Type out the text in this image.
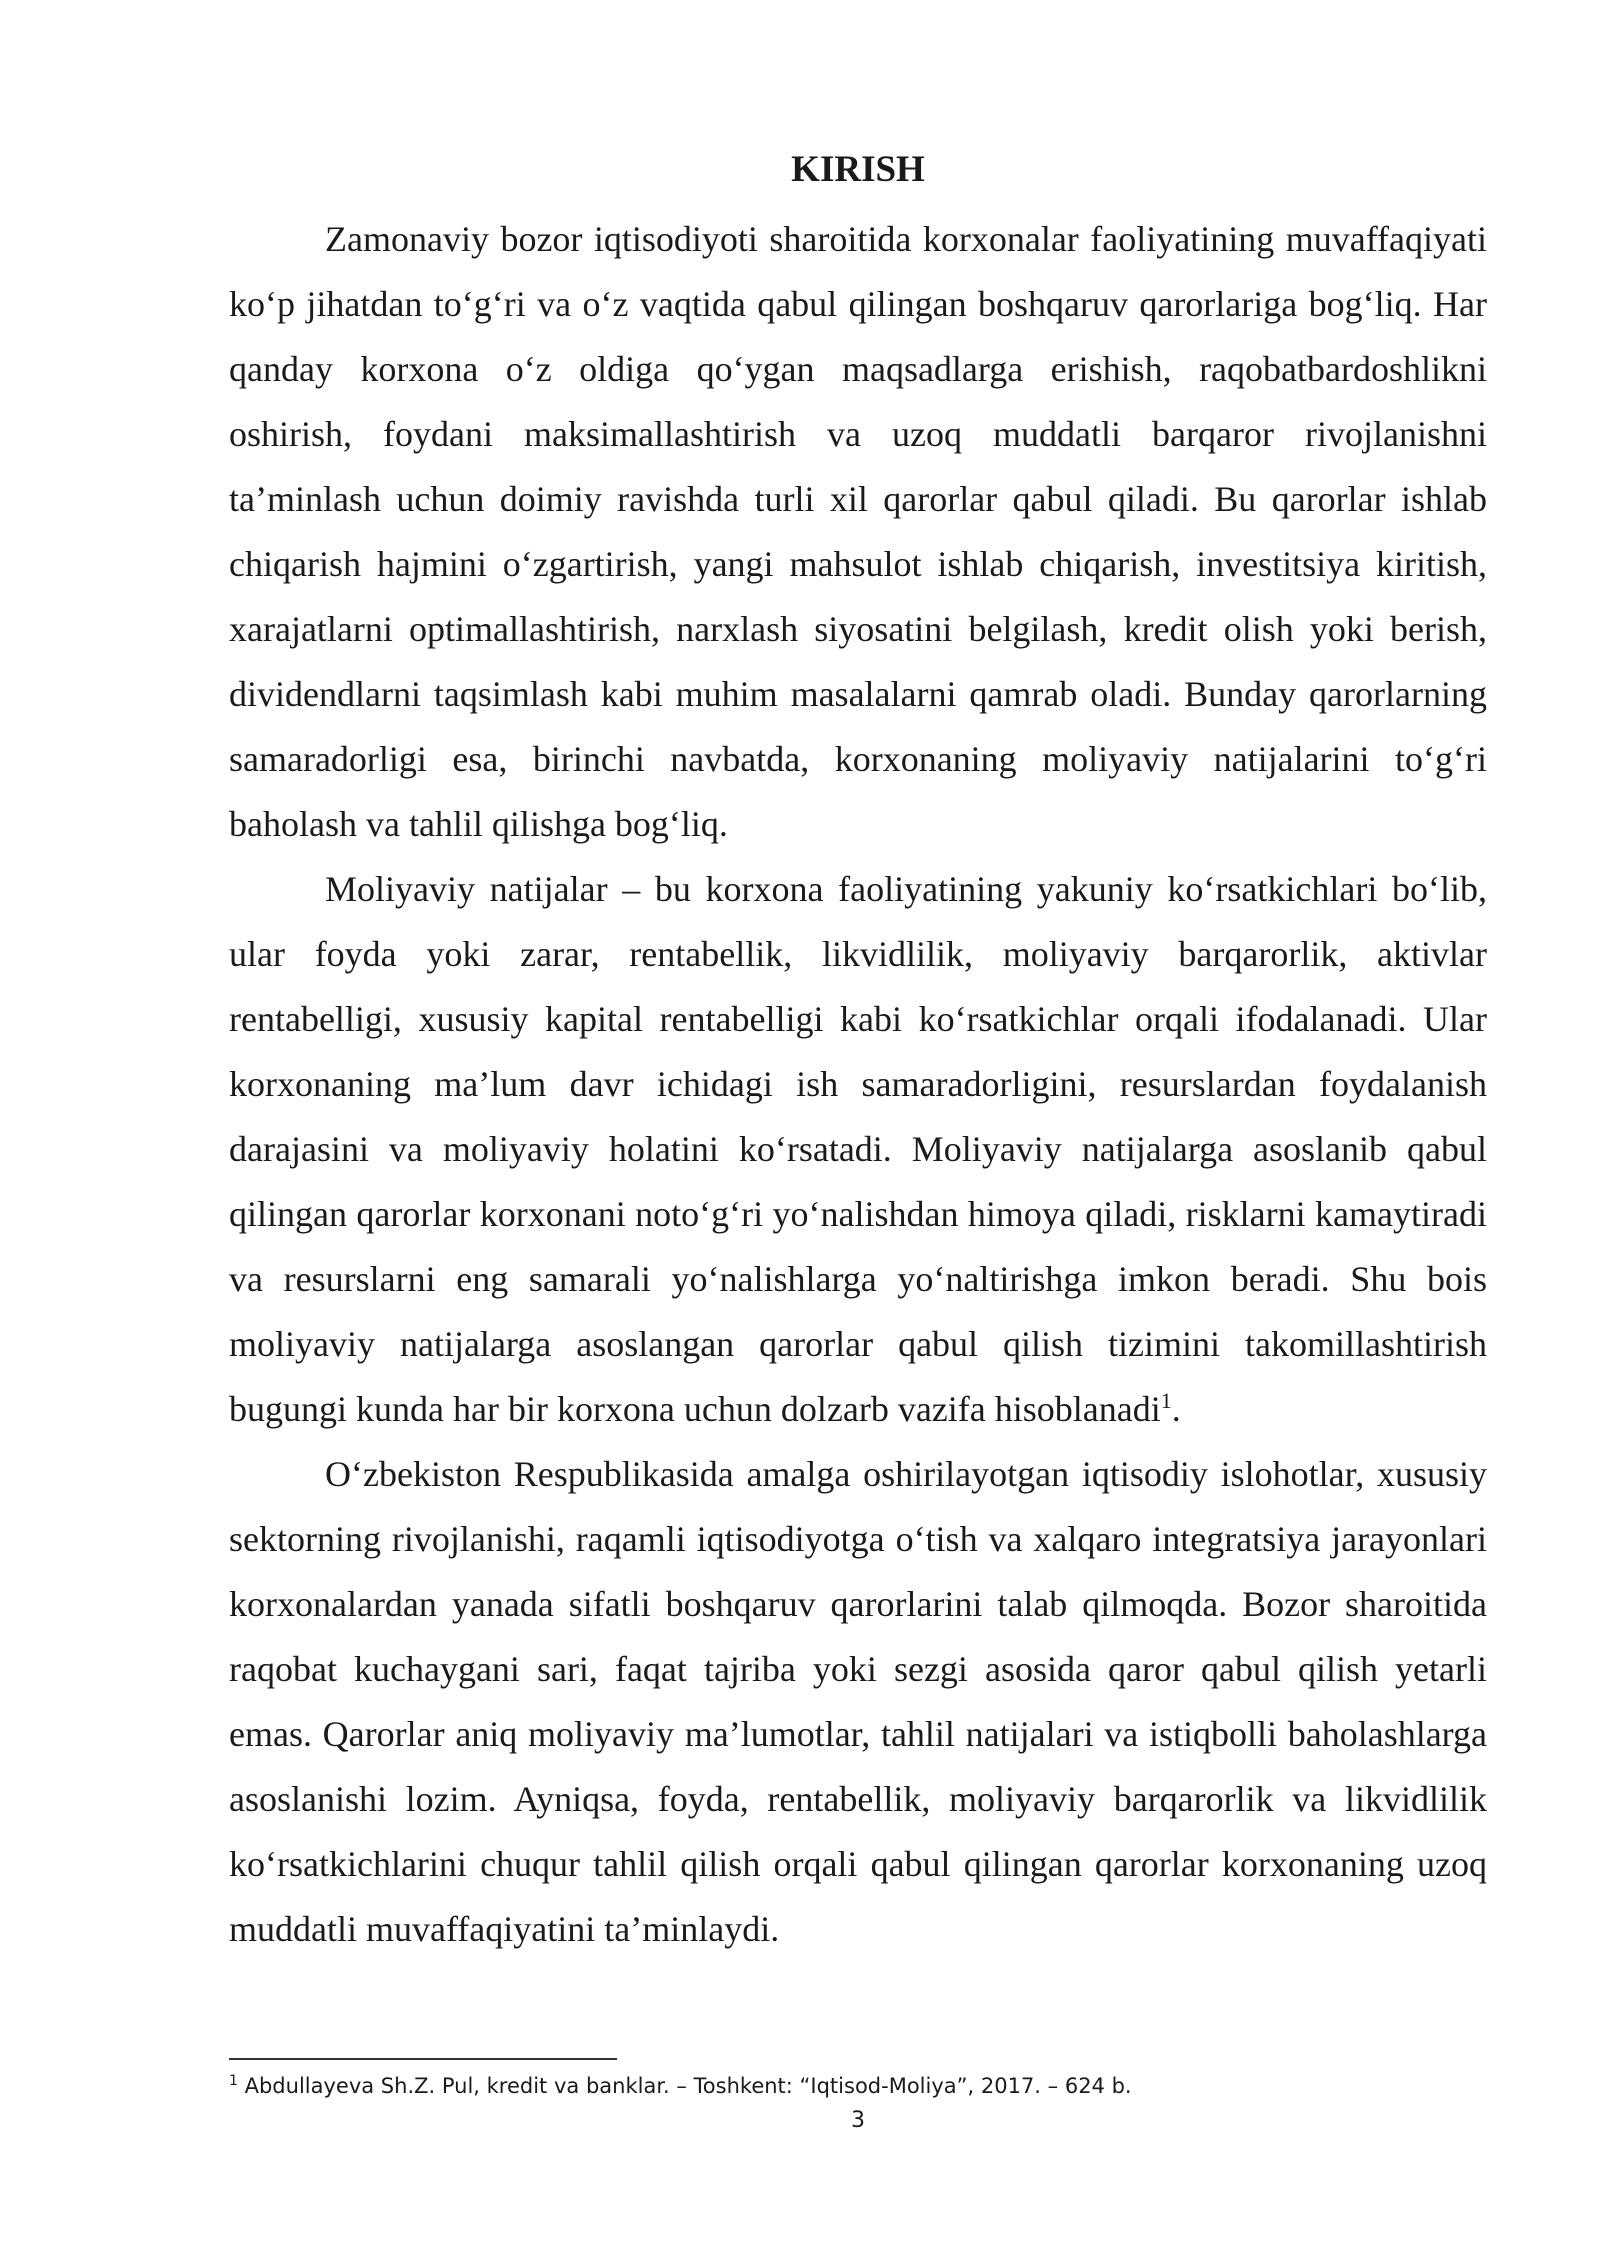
KIRISH

Zamonaviy bozor iqtisodiyoti sharoitida korxonalar faoliyatining muvaffaqiyati ko‘p jihatdan to‘g‘ri va o‘z vaqtida qabul qilingan boshqaruv qarorlariga bog‘liq. Har qanday korxona o‘z oldiga qo‘ygan maqsadlarga erishish, raqobatbardoshlikni oshirish, foydani maksimallashtirish va uzoq muddatli barqaror rivojlanishni ta’minlash uchun doimiy ravishda turli xil qarorlar qabul qiladi. Bu qarorlar ishlab chiqarish hajmini o‘zgartirish, yangi mahsulot ishlab chiqarish, investitsiya kiritish, xarajatlarni optimallashtirish, narxlash siyosatini belgilash, kredit olish yoki berish, dividendlarni taqsimlash kabi muhim masalalarni qamrab oladi. Bunday qarorlarning samaradorligi esa, birinchi navbatda, korxonaning moliyaviy natijalarini to‘g‘ri baholash va tahlil qilishga bog‘liq.

Moliyaviy natijalar – bu korxona faoliyatining yakuniy ko‘rsatkichlari bo‘lib, ular foyda yoki zarar, rentabellik, likvidlilik, moliyaviy barqarorlik, aktivlar rentabelligi, xususiy kapital rentabelligi kabi ko‘rsatkichlar orqali ifodalanadi. Ular korxonaning ma’lum davr ichidagi ish samaradorligini, resurslardan foydalanish darajasini va moliyaviy holatini ko‘rsatadi. Moliyaviy natijalarga asoslanib qabul qilingan qarorlar korxonani noto‘g‘ri yo‘nalishdan himoya qiladi, risklarni kamaytiradi va resurslarni eng samarali yo‘nalishlarga yo‘naltirishga imkon beradi. Shu bois moliyaviy natijalarga asoslangan qarorlar qabul qilish tizimini takomillashtirish bugungi kunda har bir korxona uchun dolzarb vazifa hisoblanadi$^1$.

O‘zbekiston Respublikasida amalga oshirilayotgan iqtisodiy islohotlar, xususiy sektorning rivojlanishi, raqamli iqtisodiyotga o‘tish va xalqaro integratsiya jarayonlari korxonalardan yanada sifatli boshqaruv qarorlarini talab qilmoqda. Bozor sharoitida raqobat kuchaygani sari, faqat tajriba yoki sezgi asosida qaror qabul qilish yetarli emas. Qarorlar aniq moliyaviy ma’lumotlar, tahlil natijalari va istiqbolli baholashlarga asoslanishi lozim. Ayniqsa, foyda, rentabellik, moliyaviy barqarorlik va likvidlilik ko‘rsatkichlarini chuqur tahlil qilish orqali qabul qilingan qarorlar korxonaning uzoq muddatli muvaffaqiyatini ta’minlaydi.

$^1$ Abdullayeva Sh.Z. Pul, kredit va banklar. – Toshkent: “Iqtisod-Moliya”, 2017. – 624 b.
3
